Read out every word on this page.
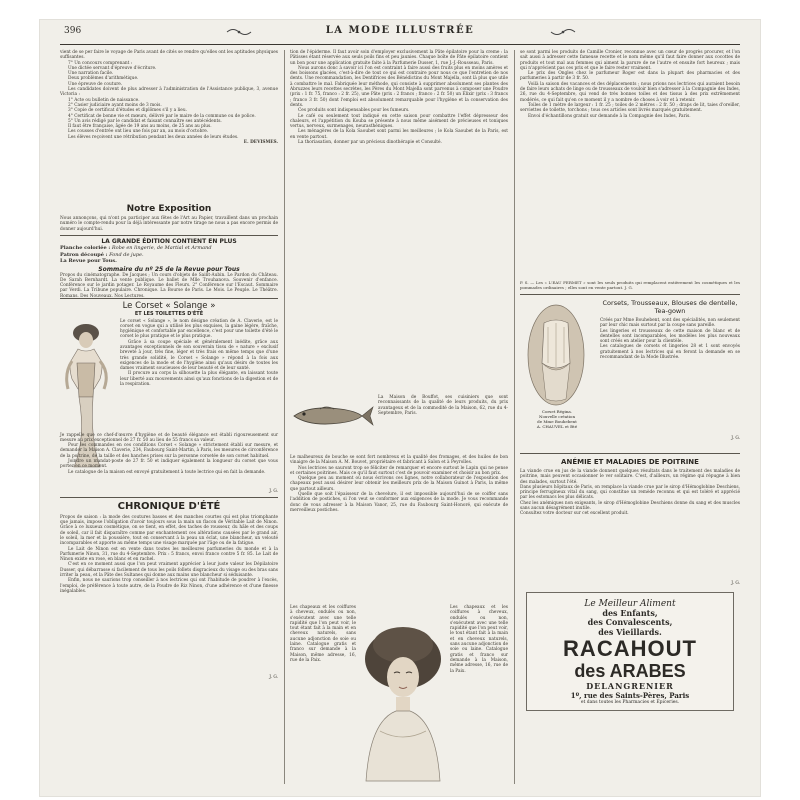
396	LA MODE ILLUSTRÉE

vient de se per faire le voyage de Paris avant de cités se rendre qu'elles ont les aptitudes physiques suffisantes.

7° Un concours comprenant :

Une dictée servant d'épreuve d'écriture.

Une narration facile.

Deux problèmes d'arithmétique.

Une épreuve de couture.

Les candidates doivent de plus adresser à l'administration de l'Assistance publique, 3, avenue Victoria :

1° Acte ou bulletin de naissance.

2° Casier judiciaire ayant moins de 3 mois.

3° Copie de certificat d'études et diplômes s'il y a lieu.

4° Certificat de bonne vie et mœurs, délivré par le maire de la commune ou de police.

5° Un avis rédigé par le candidat et faisant connaître ses antécédents.

Il faut être française, âgée de 19 ans au moins, de 25 ans au plus.

Les cousses d'entrée ont lieu une fois par an, au mois d'octobre.

Les élèves reçoivent une rétribution pendant les deux années de leurs études.

E. DEVISMES.

Notre Exposition

Nous annonçons, qui n'ont pu participer aux fêtes de l'Art au Papier, travaillent dans un prochain numéro le compte-rendu pour la déjà intéressante par notre tirage ne nous a pas encore permis de donner aujourd'hui.

LA GRANDE ÉDITION CONTIENT EN PLUS
Planche coloriée : Robe en lingerie, de Martial et Armand
Patron découpé : Fond de jupe.
La Revue pour Tous.
Sommaire du nº 25 de la Revue pour Tous

Propos du cinématographe. De Jacques ; Un cours d'objets de Saint-Aubin. Le Pardon du Château. De Sarah Bernhardt. La vente publique. Le ballet de Mlle Trouhanova. Souvenir d'enfance. Conférence sur le jardin potager. Le Royaume des Fleurs. 2° Conférence sur l'Escaut. Sommaire par Verdi. La Tribune populaire. Chronique. La Bourse de Paris. Le Mois. Le Peuple. Le Théâtre. Romans. Des Nouveaux. Nos Lectures.

Le Corset « Solange »
ET LES TOILETTES D'ÉTÉ

Le corset « Solange », le nom désigne création de A. Claverie, est le corset en vogue qui a utilisé les plus exquises, la gaine légère, fraîche, hygiénique et confortable par excellence, c'est pour une toilette d'été le corset le plus pratique et le plus pratique.

Grâce à sa coupe spéciale et généralement inédite, grâce aux avantages exceptionnels de son souverain tissu de « nature » exclusif breveté à jour, très fine, léger et très frais en même temps que d'une très grande solidité, le Corset « Solange » répond à la fois aux exigences de la mode et de l'hygiène ainsi qu'aux désirs de toutes les dames vraiment soucieuses de leur beauté et de leur santé.

Il procure au corps la silhouette la plus élégante, en laissant toute leur liberté aux mouvements ainsi qu'aux fonctions de la digestion et de la respiration.

Je rappelle que ce chef-d'œuvre d'hygiène et de beauté élégance est établi rigoureusement sur mesure au prix exceptionnel de 27 fr. 50 au lieu de 55 francs sa valeur.

Pour les commandes en ces conditions Corset « Solange » strictement établi sur mesure, et demander la Maison A. Claverie, 234, Faubourg Saint-Martin, à Paris, les mesures de circonférence de la poitrine, de la taille et des hanches prises sur la personne corsetée de son corset habituel.

Joindre un mandat-poste de 27 fr. 50 et indiquer également la longueur du corset que vous portez en ce moment.

Le catalogue de la maison est envoyé gratuitement à toute lectrice qui en fait la demande.

J. G.
CHRONIQUE D'ÉTÉ

Propos de saison : la mode des coutures basses et des manches courtes qui est plus triomphante que jamais, impose l'obligation d'avoir toujours sous la main un flacon de Véritable Lait de Ninon. Grâce à ce luxueux cosmétique, on se tient, en effet, des taches de rousseur, du hâle et des coups de soleil, car il fait disparaître comme par enchantement ces altérations causées par le grand air, le soleil, la mer et la poussière, tout en conservant à la peau un éclat, une blancheur, un velouté incomparables et apporte au même temps une visage marquée par l'âge ou de la fatigue.

Le Lait de Ninon est en vente dans toutes les meilleures parfumeries du monde et à la Parfumerie Ninon, 31, rue du 4-Septembre. Prix : 5 francs, envoi franco contre 5 fr. 85. Le Lait de Ninon existe en rose, en blanc et en rachel.

C'est en ce moment aussi que l'on peut vraiment apprécier à leur juste valeur les Dépilatoire Dusser, qui débarrasse si facilement de tous les poils follets disgracieux du visage ou des bras sans irriter la peau, et la Pâte des Sultanes qui donne aux mains une blancheur si séduisante.

Enfin, nous ne saurions trop conseiller à nos lectrices qui ont l'habitude de poudrer à l'excès, l'emploi, de préférence à toute autre, de la Poudre de Riz Ninon, d'une adhérence et d'une finesse inégalables.

J. G.

tion de l'épiderme. Il faut avoir soin d'employer exclusivement la Pâte épilatoire pour la creme : la Pâtisses étant réservée aux seuls poils fins et peu jaunies. Chaque boîte de Pâte épilatoire contient un bon pour une application gratuite faite à la Parfumerie Dusser, 1, rue J.-J.-Rousseau, Paris.

Nous aurons donc à savoir ici l'on est contraint à faire aussi des fruits plus en moins amères et des boissons glacées, c'est-à-dire de tout ce qui est contraire pour nous ce que l'entretien de nos dents. Une recommandation, les Dentifrices des Bénédictins du Mont Majella, sont là plus que utile à combattre le mal. Fabriquée leur méthode, qui consiste à supprimer absolument ses plantes des Abruzzes leurs recettes secrètes, les Pères du Mont Majella sont parvenus à composer une Poudre (prix : 1 fr. 75, franco : 2 fr. 25), une Pâte (prix : 2 francs ; franco : 2 fr. 50) un Élixir (prix : 3 francs ; franco 3 fr. 50) dont l'emploi est absolument remarquable pour l'hygiène et la conservation des dents.

Ces produits sont indispensables pour les fumeurs.

Le café ou seulement tout indiqué en cette saison pour combattre l'effet dépresseur des chaleurs, et l'appétition du Kouba se présente à nous même aisément de précieuses et toniques vertus, nerveux, surmenages, neurasthéniques.

Les ménagères de la Kola Saoubet sont parmi les meilleures ; le Kola Saoubet de la Paris, est en vente partout.

La thoriasation, donner par un précieux dinothérapie et Consulté.

La Maison de Bouffot, ses cuisiniers que sont reconnaissants de la qualité de leurs produits, du prix avantageux et de la commodité de la Maison, 62, rue du 4-Septembre, Paris.

Le malheureux de bouche se sont fort nombreux et la qualité des fromages, et des huiles de bon vinaigre de la Maison A. M. Bouvet, propriétaire et fabricant à Salon et à Peyrolles.

Nos lectrices ne sauront trop se féliciter de remarquer et encore surtout le Lapin qui ne pense et certaines poitrines. Mais ce qu'il faut surtout c'est de pouvoir examiner et choisir au bon prix.

Quelque peu au moment où nous écrivons ces lignes, notre collaborateur de l'exposition des chapeaux peut aussi désirer leur obtenir les meilleurs prix de la Maison Guinot à Paris, la même que partout ailleurs.

Quelle que soit l'épaisseur de la chevelure, il est impossible aujourd'hui de se coiffer sans l'addition de postiches, si l'on veut se conformer aux exigences de la mode. Je vous recommande donc de vous adresser à la Maison Vanor, 25, rue du Faubourg Saint-Honoré, qui exécute de merveilleux postiches.

Les chapeaux et les coiffures à cheveux, ondulés ou non, s'exécutent avec une telle rapidité que l'on peut voir, le tout étant fait à la main et en cheveux naturels, sans aucune adjonction de soie ou laine. Catalogue gratis et franco sur demande à la Maison, même adresse, 16, rue de la Paix.

Les chapeaux et les coiffures à cheveux, ondulés ou non, s'exécutent avec une telle rapidité que l'on peut voir, le tout étant fait à la main et en cheveux naturels, sans aucune adjonction de soie ou laine. Catalogue gratis et franco sur demande à la Maison, même adresse, 16, rue de la Paix.

se sont parmi les produits de Camille Cronier, reconnue avec un cœur de progrès procurer, et l'on sait aussi à adresser cette fameuse recette et le nom même qu'il faut faire donner aux cocottes de produits et tout mal aux femmes qui aiment la parure de ne l'autre et ensuite fort heureux ; mais qui n'apprécient pas ces prix et que le faire rester vraiment.

Le prix des Ongles chez le parfumeur Roger est dans la plupart des pharmacies et des parfumeries à partir de 3 fr. 50.

Voilà la saison des vacances et des déplacements ; nous prions nos lectrices qui auraient besoin de faire leurs achats de linge ou de trousseaux de vouloir bien s'adresser à la Compagnie des Indes, 26, rue du 4-Septembre, qui vend de très bonnes toiles et des tissus à des prix extrêmement modérés, ce qui fait qu'en ce moment il y a nombre de choses à voir et à retenir.

Toiles de 1 mètre de largeur : 1 fr. 25 ; toiles de 2 mètres : 2 fr. 50 ; draps de lit, taies d'oreiller, serviettes de toilette, torchons ; tous ces articles sont livrés marqués gratuitement.

Envoi d'échantillons gratuit sur demande à la Compagnie des Indes, Paris.

P. S. — Les « L'EAU FERMET » sont les seuls produits qui remplacent entièrement les cosmétiques et les pommades ordinaires ; elles sont en vente partout. J. G.

Corset Régina.
Nouvelle création
de Mme Bouhebent
A. CHAUVEL et Bté
Corsets, Trousseaux, Blouses de dentelle, Tea-gown

Créés par Mme Bouhebent, sont des spécialités, non seulement par leur chic mais surtout par la coupe sans pareille.
Les lingeries et trousseaux de cette maison de blanc et de dentelles sont incomparables, les modèles les plus nouveaux sont créés en atelier pour la clientèle.
Les catalogues de corsets et lingeries 28 et 1 sont envoyés gratuitement à nos lectrices qui en feront la demande en se recommandant de la Mode Illustrée.

J. G.
ANÉMIE ET MALADIES DE POITRINE

La viande crue en jus de la viande donnent quelques résultats dans le traitement des maladies de poitrine, mais peuvent occasionner le ver solitaire. C'est, d'ailleurs, un régime qui répugne à bien des malades, surtout l'été.
Dans plusieurs hôpitaux de Paris, on remplace la viande crue par le sirop d'Hémoglobine Deschiens, principe ferrugineux vital du sang, qui constitue un remède reconnu et qui est toléré et apprécié par les estomacs les plus délicats.
Chez les anémiques non exigeants, le sirop d'Hémoglobine Deschiens donne du sang et des muscles sans aucun désagrément inutile.
Consultez votre docteur sur cet excellent produit.

J. G.
Le Meilleur Aliment
des Enfants,
des Convalescents,
des Vieillards.
RACAHOUT
des ARABES
DELANGRENIER
1º, rue des Saints-Pères, Paris
et dans toutes les Pharmacies et Épiceries.
